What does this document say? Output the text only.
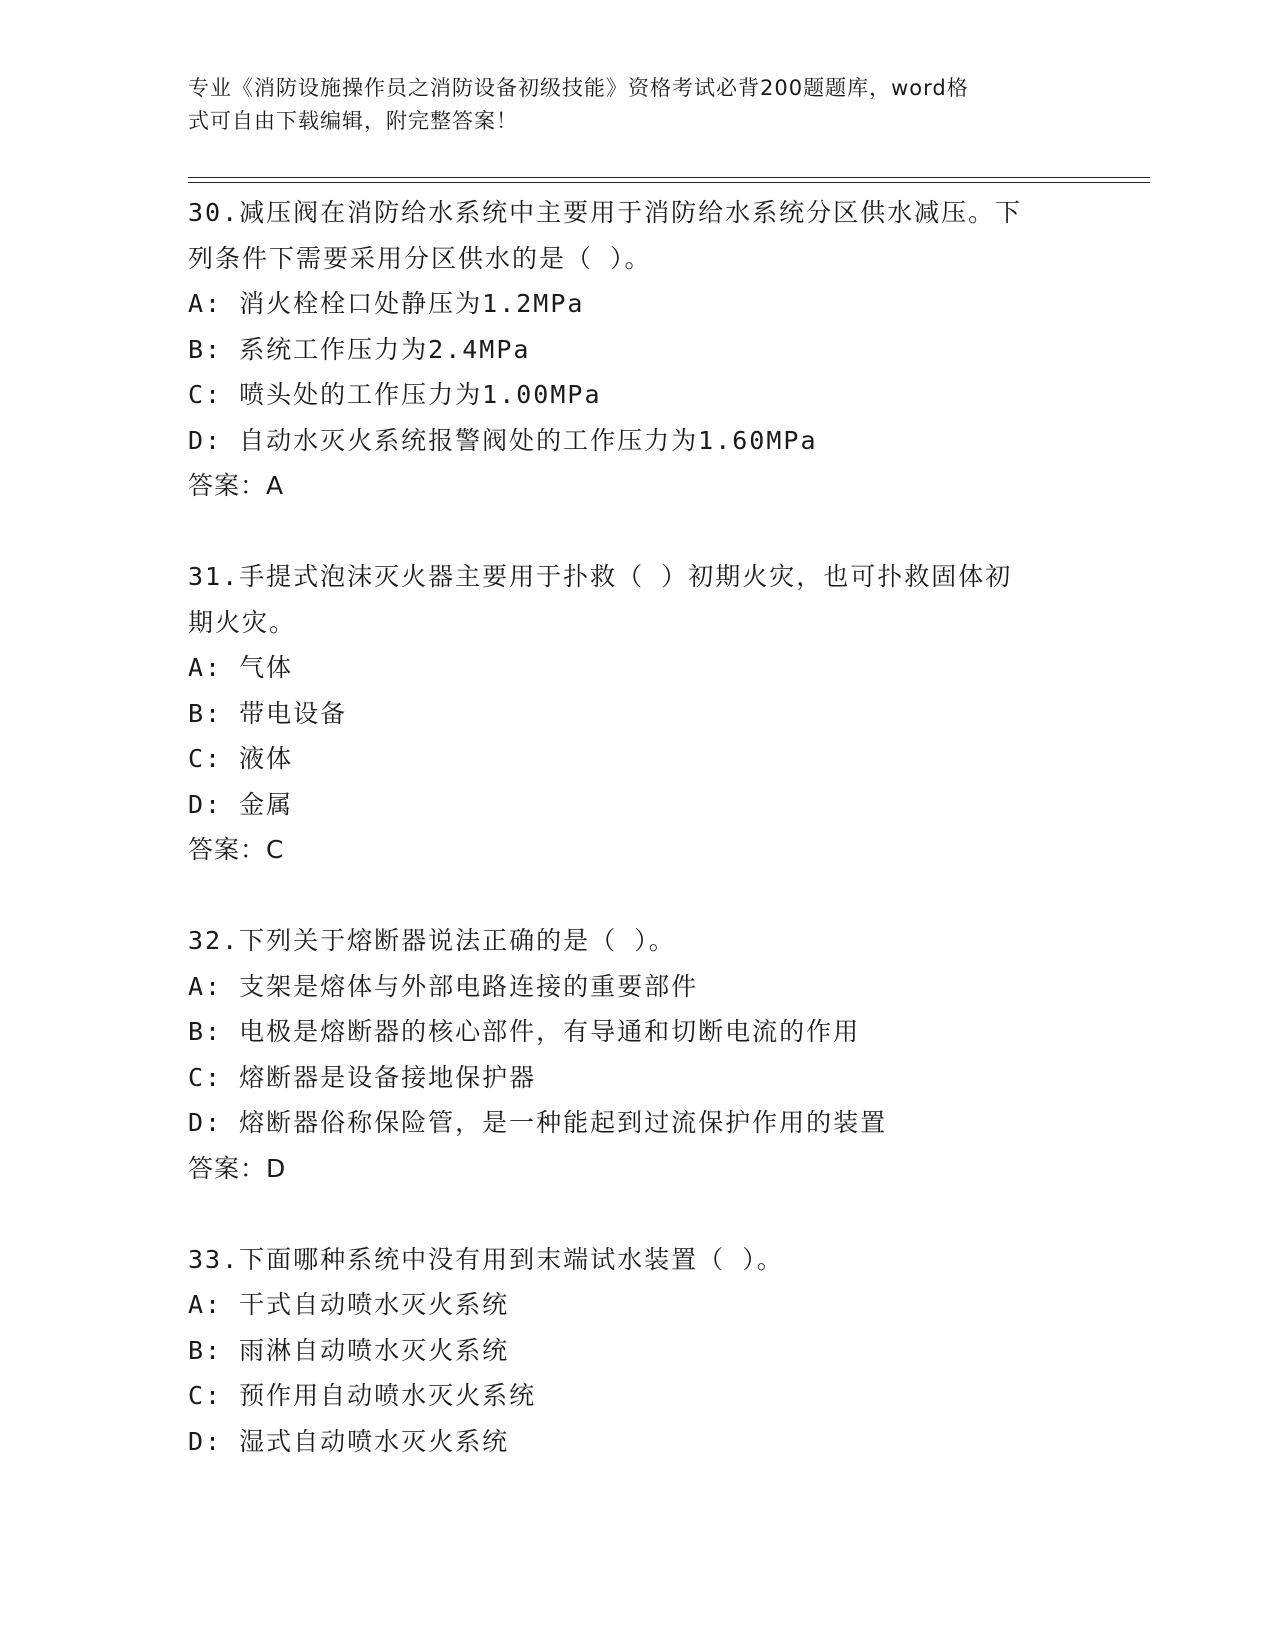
专业《消防设施操作员之消防设备初级技能》资格考试必背200题题库，word格
式可自由下载编辑，附完整答案！
30.减压阀在消防给水系统中主要用于消防给水系统分区供水减压。下
列条件下需要采用分区供水的是（ ）。
A: 消火栓栓口处静压为1.2MPa
B: 系统工作压力为2.4MPa
C: 喷头处的工作压力为1.00MPa
D: 自动水灭火系统报警阀处的工作压力为1.60MPa
答案：A
31.手提式泡沫灭火器主要用于扑救（ ）初期火灾，也可扑救固体初
期火灾。
A: 气体
B: 带电设备
C: 液体
D: 金属
答案：C
32.下列关于熔断器说法正确的是（ ）。
A: 支架是熔体与外部电路连接的重要部件
B: 电极是熔断器的核心部件，有导通和切断电流的作用
C: 熔断器是设备接地保护器
D: 熔断器俗称保险管，是一种能起到过流保护作用的装置
答案：D
33.下面哪种系统中没有用到末端试水装置（ ）。
A: 干式自动喷水灭火系统
B: 雨淋自动喷水灭火系统
C: 预作用自动喷水灭火系统
D: 湿式自动喷水灭火系统
